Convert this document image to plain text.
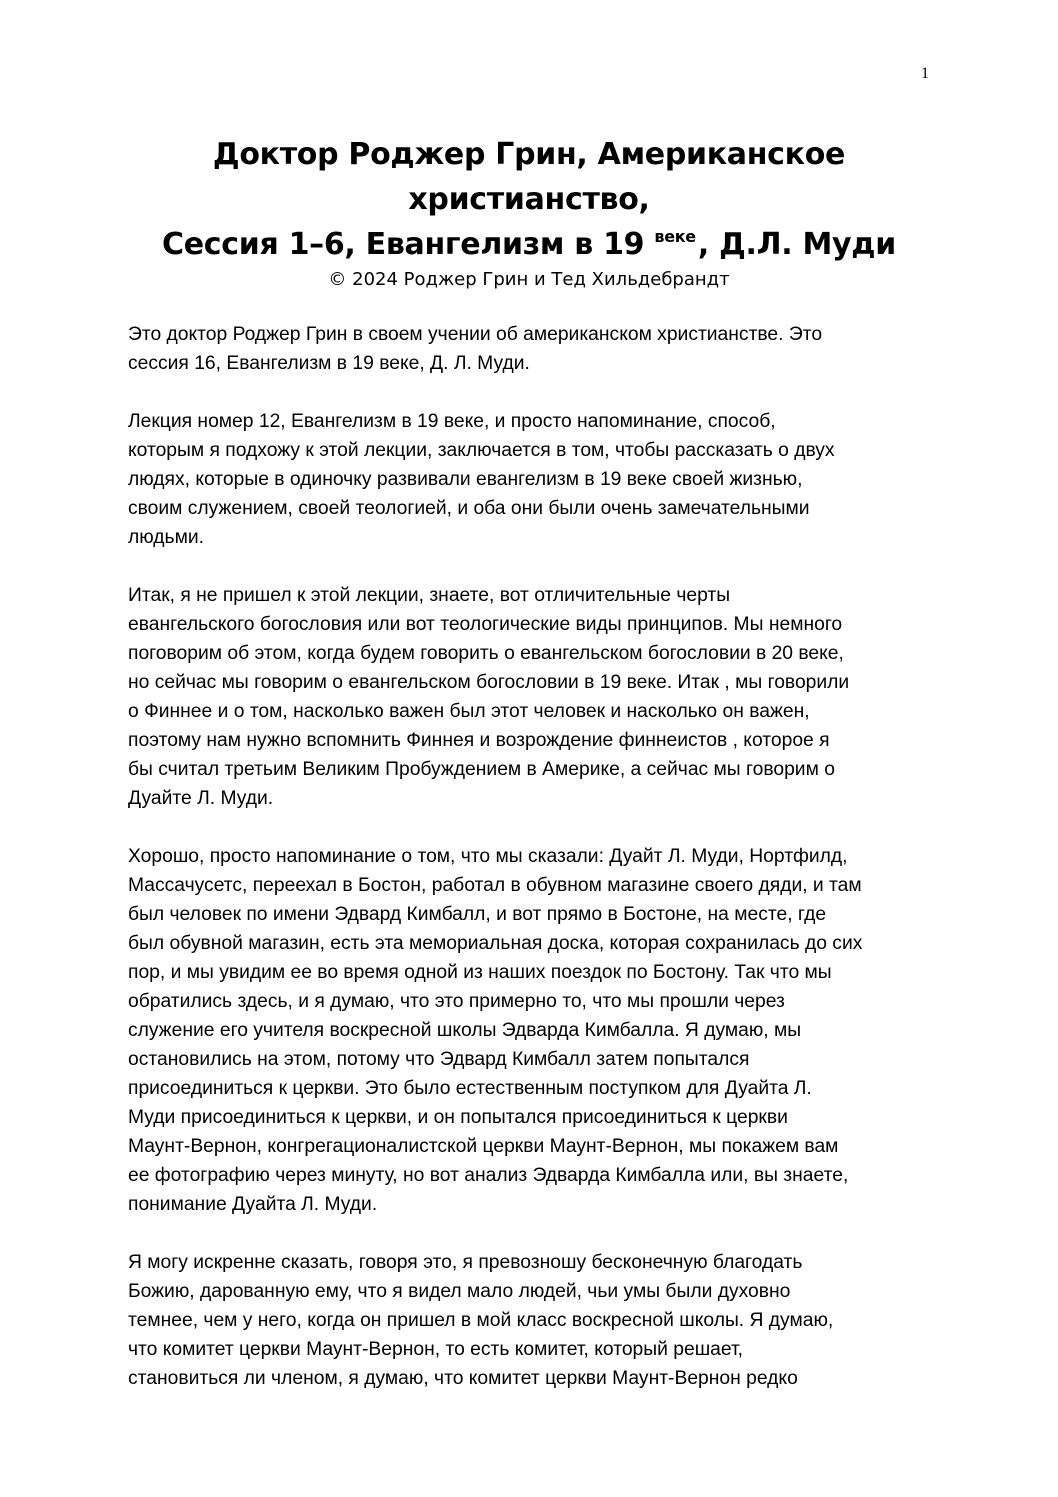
1
Доктор Роджер Грин, Американское
христианство,
Сессия 1–6, Евангелизм в 19 $^{веке}$, Д.Л. Муди
© 2024 Роджер Грин и Тед Хильдебрандт
Это доктор Роджер Грин в своем учении об американском христианстве. Это
сессия 16, Евангелизм в 19 веке, Д. Л. Муди.
Лекция номер 12, Евангелизм в 19 веке, и просто напоминание, способ,
которым я подхожу к этой лекции, заключается в том, чтобы рассказать о двух
людях, которые в одиночку развивали евангелизм в 19 веке своей жизнью,
своим служением, своей теологией, и оба они были очень замечательными
людьми.
Итак, я не пришел к этой лекции, знаете, вот отличительные черты
евангельского богословия или вот теологические виды принципов. Мы немного
поговорим об этом, когда будем говорить о евангельском богословии в 20 веке,
но сейчас мы говорим о евангельском богословии в 19 веке. Итак , мы говорили
о Финнее и о том, насколько важен был этот человек и насколько он важен,
поэтому нам нужно вспомнить Финнея и возрождение финнеистов , которое я
бы считал третьим Великим Пробуждением в Америке, а сейчас мы говорим о
Дуайте Л. Муди.
Хорошо, просто напоминание о том, что мы сказали: Дуайт Л. Муди, Нортфилд,
Массачусетс, переехал в Бостон, работал в обувном магазине своего дяди, и там
был человек по имени Эдвард Кимбалл, и вот прямо в Бостоне, на месте, где
был обувной магазин, есть эта мемориальная доска, которая сохранилась до сих
пор, и мы увидим ее во время одной из наших поездок по Бостону. Так что мы
обратились здесь, и я думаю, что это примерно то, что мы прошли через
служение его учителя воскресной школы Эдварда Кимбалла. Я думаю, мы
остановились на этом, потому что Эдвард Кимбалл затем попытался
присоединиться к церкви. Это было естественным поступком для Дуайта Л.
Муди присоединиться к церкви, и он попытался присоединиться к церкви
Маунт-Вернон, конгрегационалистской церкви Маунт-Вернон, мы покажем вам
ее фотографию через минуту, но вот анализ Эдварда Кимбалла или, вы знаете,
понимание Дуайта Л. Муди.
Я могу искренне сказать, говоря это, я превозношу бесконечную благодать
Божию, дарованную ему, что я видел мало людей, чьи умы были духовно
темнее, чем у него, когда он пришел в мой класс воскресной школы. Я думаю,
что комитет церкви Маунт-Вернон, то есть комитет, который решает,
становиться ли членом, я думаю, что комитет церкви Маунт-Вернон редко
